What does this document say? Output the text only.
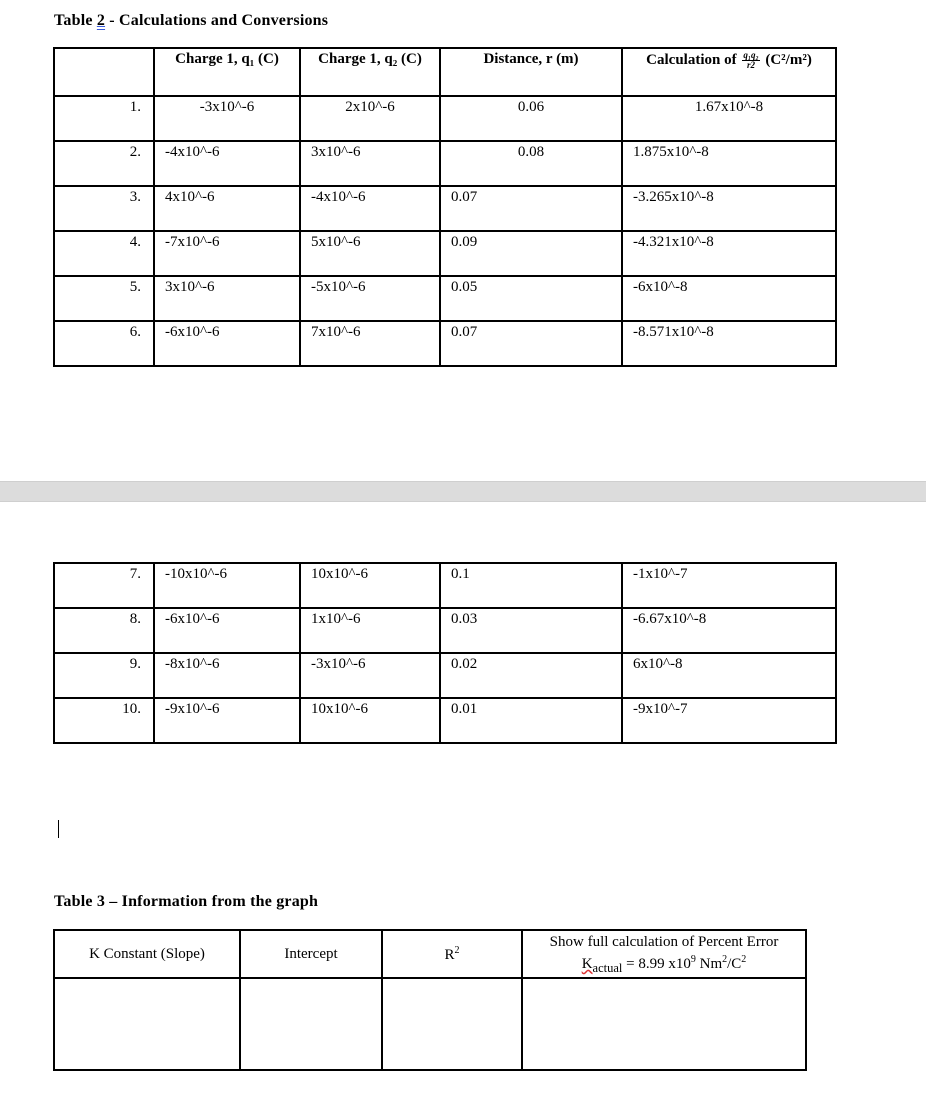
Table 2 - Calculations and Conversions
	Charge 1, q₁ (C)	Charge 1, q₂ (C)	Distance, r (m)	Calculation of $\frac{\text{q₁q₂}}{r2} (C^2/m^2)$
1.	-3x10^-6	2x10^-6	0.06	1.67x10^-8
2.	-4x10^-6	3x10^-6	0.08	1.875x10^-8
3.	4x10^-6	-4x10^-6	0.07	-3.265x10^-8
4.	-7x10^-6	5x10^-6	0.09	-4.321x10^-8
5.	3x10^-6	-5x10^-6	0.05	-6x10^-8
6.	-6x10^-6	7x10^-6	0.07	-8.571x10^-8
7.	-10x10^-6	10x10^-6	0.1	-1x10^-7
8.	-6x10^-6	1x10^-6	0.03	-6.67x10^-8
9.	-8x10^-6	-3x10^-6	0.02	6x10^-8
10.	-9x10^-6	10x10^-6	0.01	-9x10^-7
Table 3 – Information from the graph
K Constant (Slope)	Intercept	$R^2$	Show full calculation of Percent Error
$K_{actual} = 8.99$ $x10^9$ $Nm^2/C^2$
